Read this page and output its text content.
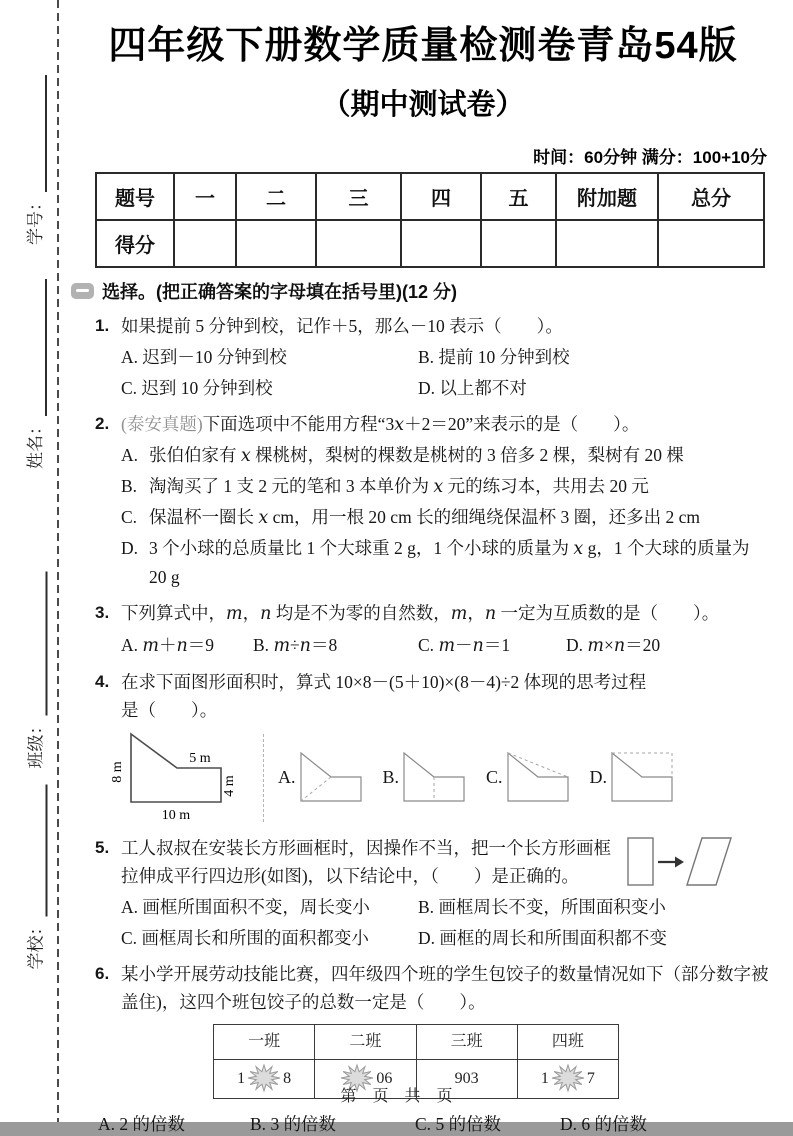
学号：
姓名：
班级：
学校：
四年级下册数学质量检测卷青岛54版
（期中测试卷）
时间：60分钟 满分：100+10分
题号	一	二	三	四	五	附加题	总分
得分							
选择。(把正确答案的字母填在括号里)(12 分)
1. 如果提前 5 分钟到校，记作＋5，那么－10 表示（　　）。
A. 迟到－10 分钟到校	B. 提前 10 分钟到校
C. 迟到 10 分钟到校	D. 以上都不对
2. (泰安真题)下面选项中不能用方程“3x＋2＝20”来表示的是（　　 ）。
A. 张伯伯家有 x 棵桃树，梨树的棵数是桃树的 3 倍多 2 棵，梨树有 20 棵
B. 淘淘买了 1 支 2 元的笔和 3 本单价为 x 元的练习本，共用去 20 元
C. 保温杯一圈长 x cm，用一根 20 cm 长的细绳绕保温杯 3 圈，还多出 2 cm
D. 3 个小球的总质量比 1 个大球重 2 g，1 个小球的质量为 x g，1 个大球的质量为 20 g
3. 下列算式中，m，n 均是不为零的自然数，m，n 一定为互质数的是（　　 ）。
A. m＋n＝9	B. m÷n＝8	C. m－n＝1	D. m×n＝20
4. 在求下面图形面积时，算式 10×8－(5＋10)×(8－4)÷2 体现的思考过程
是（　　）。
8 m
5 m
4 m
10 m
A.	B.	C.	D.
5. 工人叔叔在安装长方形画框时，因操作不当，把一个长方形画框拉伸成平行四边形(如图)，以下结论中，（　　）是正确的。
A. 画框所围面积不变，周长变小	B. 画框周长不变，所围面积变小
C. 画框周长和所围的面积都变小	D. 画框的周长和所围面积都不变
6. 某小学开展劳动技能比赛，四年级四个班的学生包饺子的数量情况如下（部分数字被盖住)，这四个班包饺子的总数一定是（　　）。
一班	二班	三班	四班
1 8	06	903	1 7
A. 2 的倍数	B. 3 的倍数	C. 5 的倍数	D. 6 的倍数
第　页　共　页
